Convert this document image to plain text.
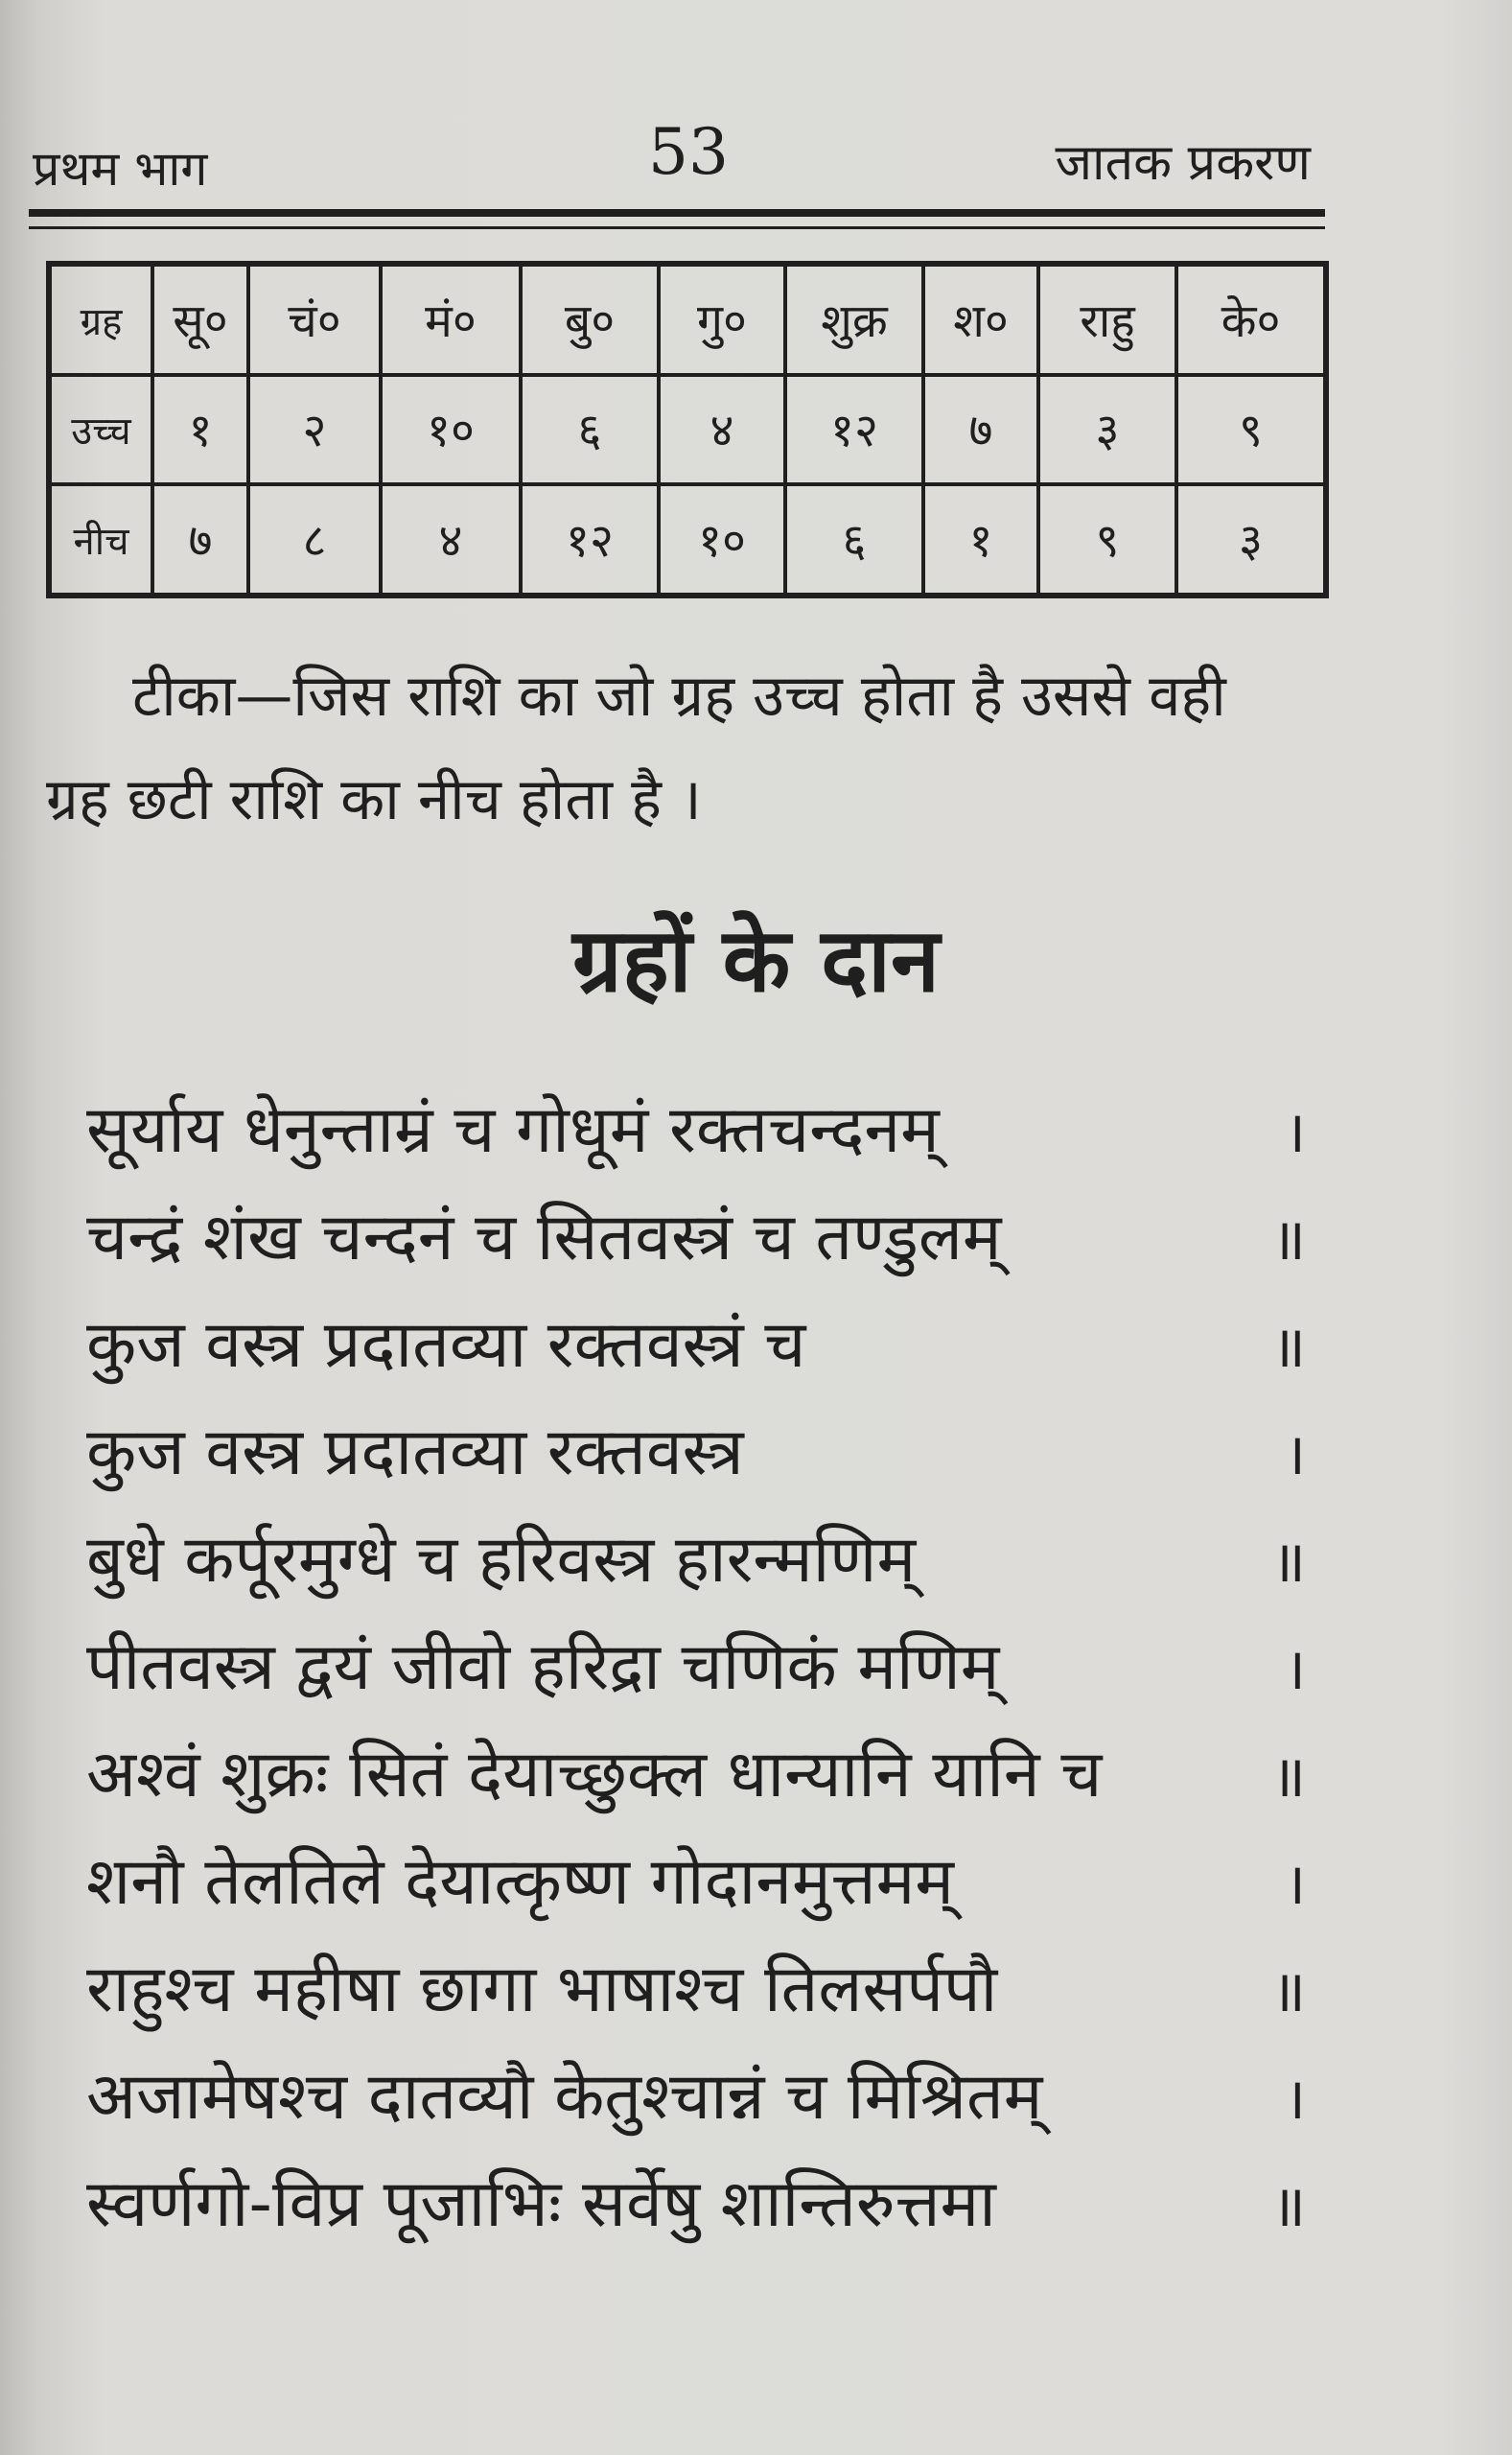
प्रथम भाग	53	जातक प्रकरण
ग्रह	सू०	चं०	मं०	बु०	गु०	शुक्र	श०	राहु	के०
उच्च	१	२	१०	६	४	१२	७	३	९
नीच	७	८	४	१२	१०	६	१	९	३

टीका—जिस राशि का जो ग्रह उच्च होता है उससे वही

ग्रह छटी राशि का नीच होता है ।

ग्रहों के दान
सूर्याय धेनुन्ताम्रं च गोधूमं रक्तचन्दनम्	।
चन्द्रं शंख चन्दनं च सितवस्त्रं च तण्डुलम्	॥
कुज वस्त्र प्रदातव्या रक्तवस्त्रं च	॥
कुज वस्त्र प्रदातव्या रक्तवस्त्र	।
बुधे कर्पूरमुग्धे च हरिवस्त्र हारन्मणिम्	॥
पीतवस्त्र द्वयं जीवो हरिद्रा चणिकं मणिम्	।
अश्वं शुक्रः सितं देयाच्छुक्ल धान्यानि यानि च	॥
शनौ तेलतिले देयात्कृष्ण गोदानमुत्तमम्	।
राहुश्च महीषा छागा भाषाश्च तिलसर्पपौ	॥
अजामेषश्च दातव्यौ केतुश्चान्नं च मिश्रितम्	।
स्वर्णगो-विप्र पूजाभिः सर्वेषु शान्तिरुत्तमा	॥
